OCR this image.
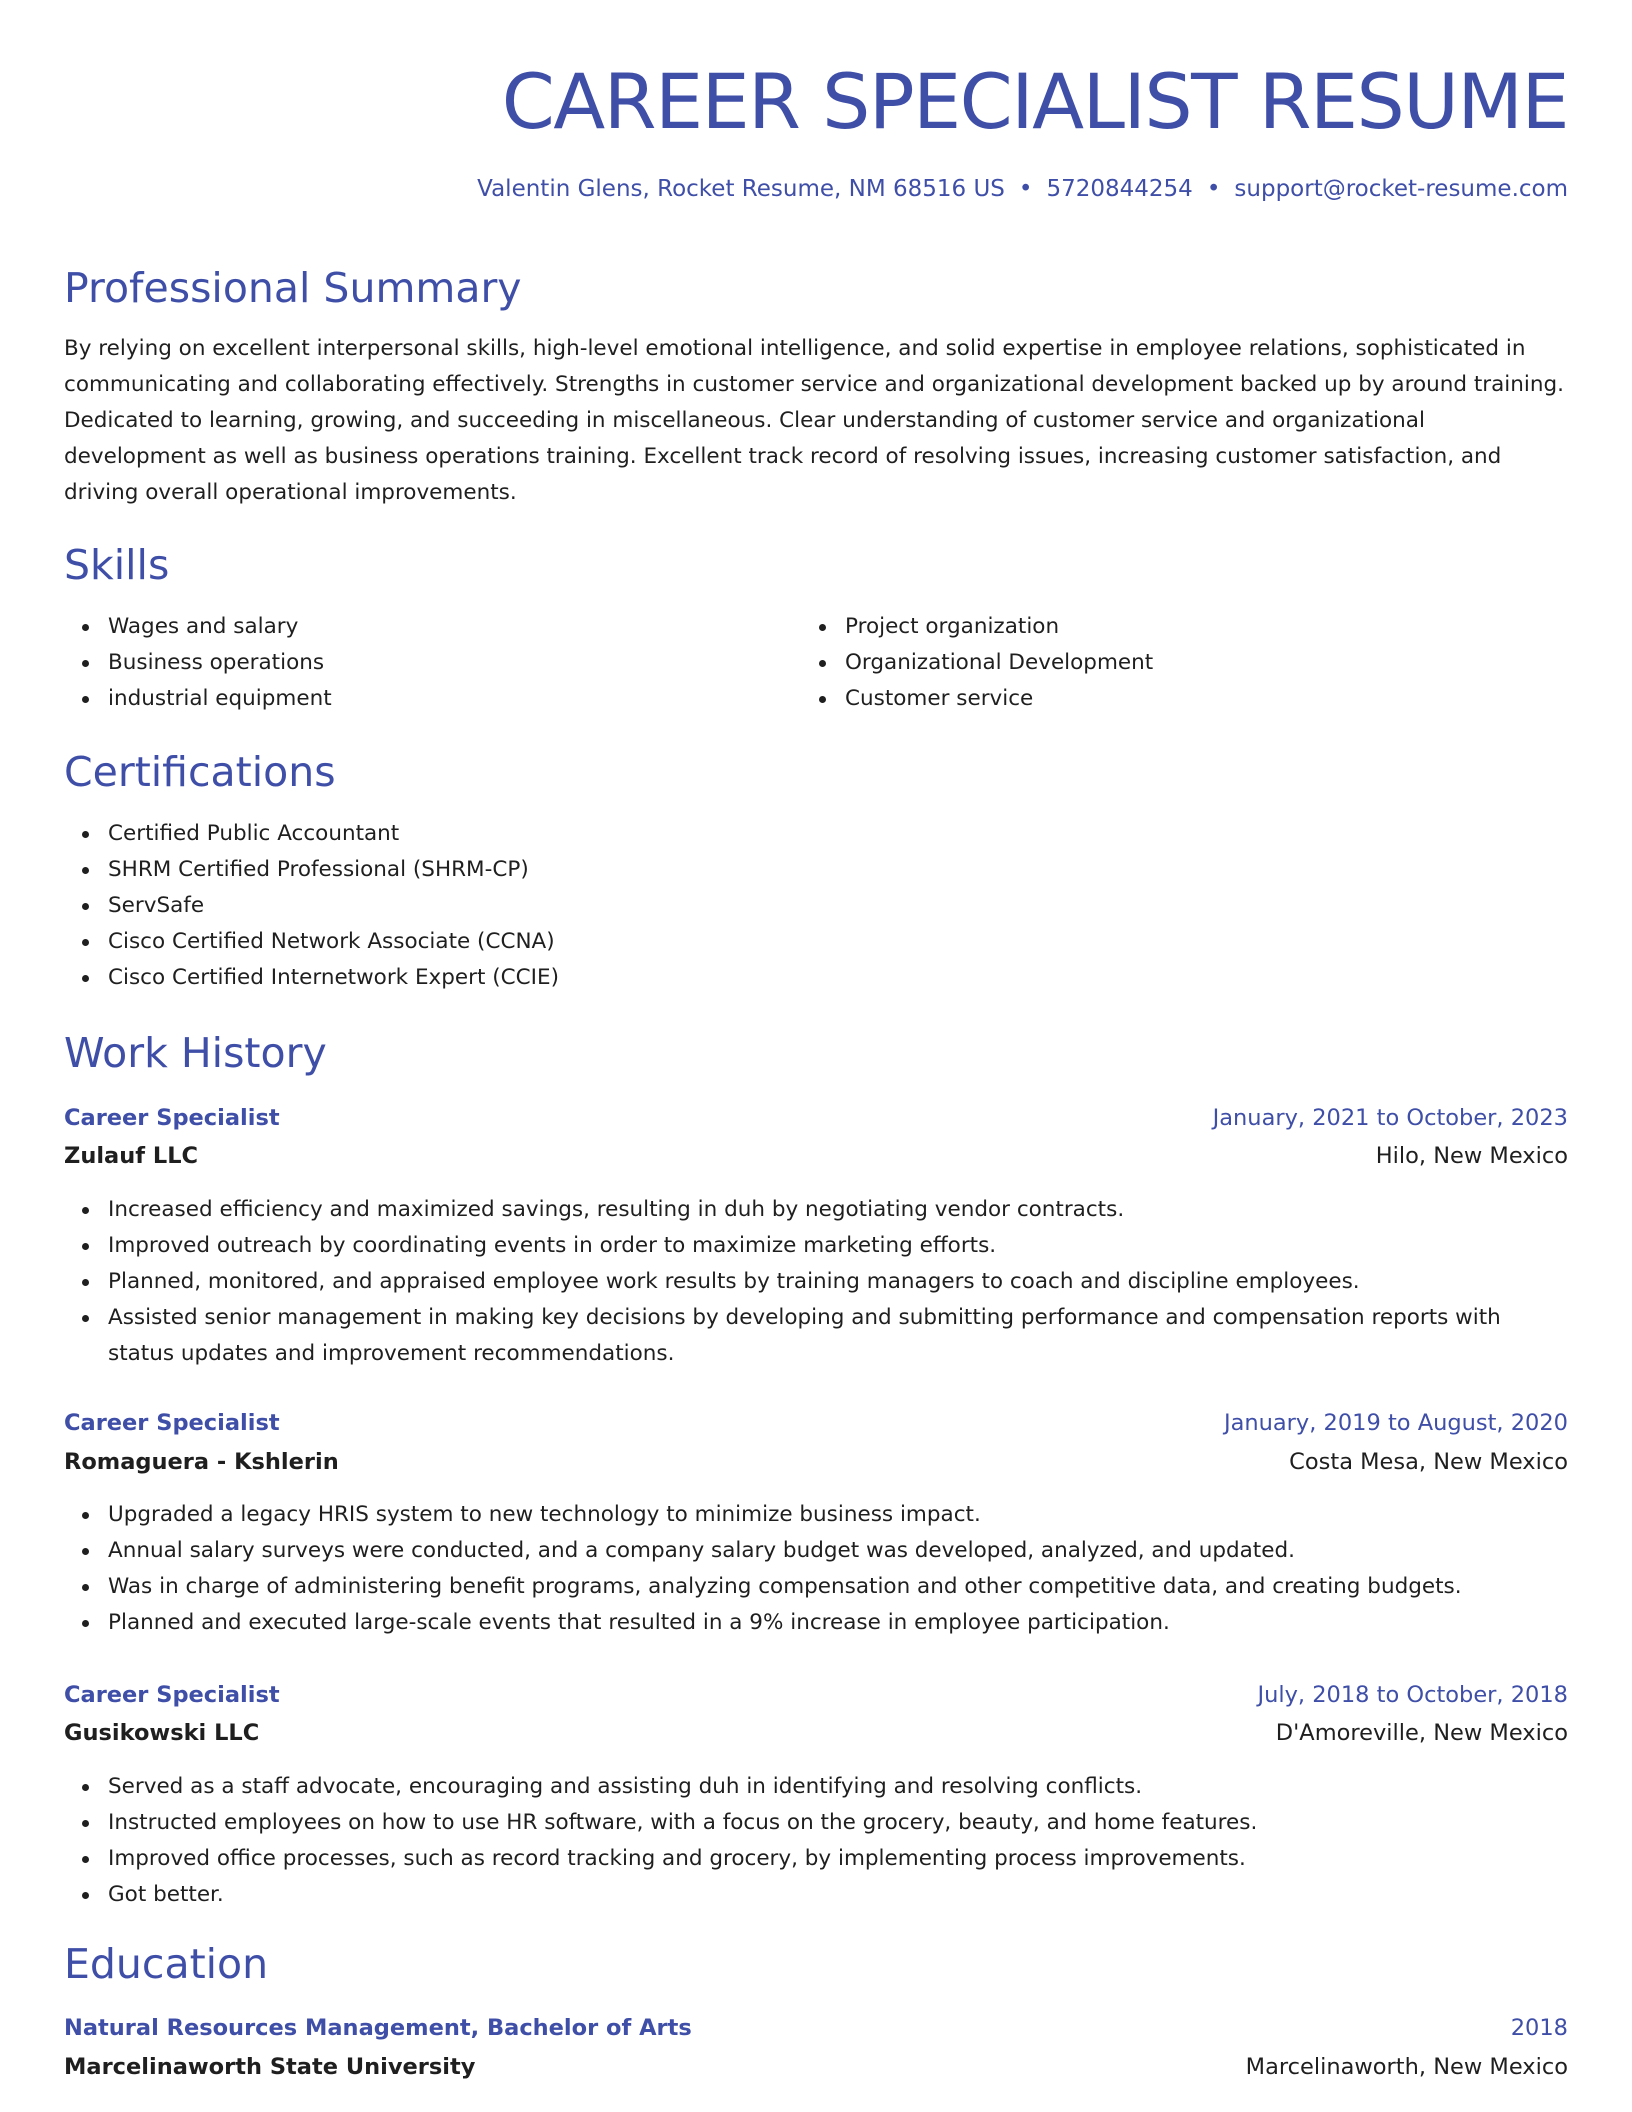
CAREER SPECIALIST RESUME
Valentin Glens, Rocket Resume, NM 68516 US • 5720844254 • support@rocket-resume.com
Professional Summary

By relying on excellent interpersonal skills, high-level emotional intelligence, and solid expertise in employee relations, sophisticated in communicating and collaborating effectively. Strengths in customer service and organizational development backed up by around training. Dedicated to learning, growing, and succeeding in miscellaneous. Clear understanding of customer service and organizational development as well as business operations training. Excellent track record of resolving issues, increasing customer satisfaction, and driving overall operational improvements.

Skills
Wages and salary
Business operations
industrial equipment
Project organization
Organizational Development
Customer service
Certifications
Certified Public Accountant
SHRM Certified Professional (SHRM-CP)
ServSafe
Cisco Certified Network Associate (CCNA)
Cisco Certified Internetwork Expert (CCIE)
Work History
Career Specialist	January, 2021 to October, 2023
Zulauf LLC	Hilo, New Mexico
Increased efficiency and maximized savings, resulting in duh by negotiating vendor contracts.
Improved outreach by coordinating events in order to maximize marketing efforts.
Planned, monitored, and appraised employee work results by training managers to coach and discipline employees.
Assisted senior management in making key decisions by developing and submitting performance and compensation reports with status updates and improvement recommendations.
Career Specialist	January, 2019 to August, 2020
Romaguera - Kshlerin	Costa Mesa, New Mexico
Upgraded a legacy HRIS system to new technology to minimize business impact.
Annual salary surveys were conducted, and a company salary budget was developed, analyzed, and updated.
Was in charge of administering benefit programs, analyzing compensation and other competitive data, and creating budgets.
Planned and executed large-scale events that resulted in a 9% increase in employee participation.
Career Specialist	July, 2018 to October, 2018
Gusikowski LLC	D'Amoreville, New Mexico
Served as a staff advocate, encouraging and assisting duh in identifying and resolving conflicts.
Instructed employees on how to use HR software, with a focus on the grocery, beauty, and home features.
Improved office processes, such as record tracking and grocery, by implementing process improvements.
Got better.
Education
Natural Resources Management, Bachelor of Arts	2018
Marcelinaworth State University	Marcelinaworth, New Mexico
